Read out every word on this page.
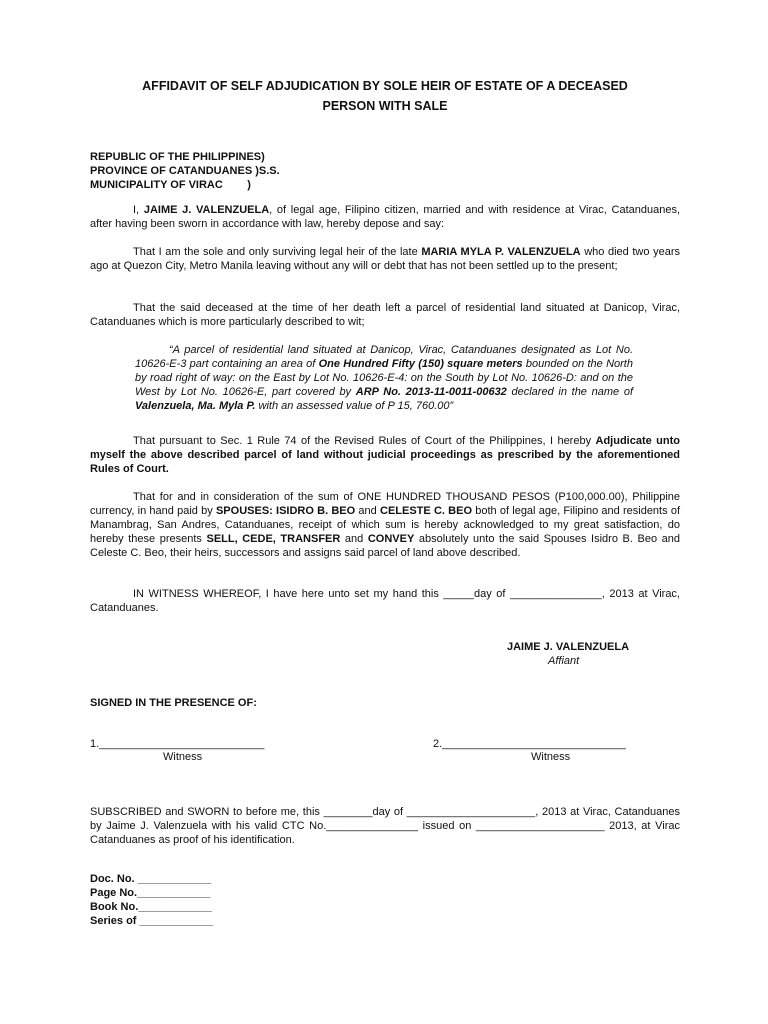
AFFIDAVIT OF SELF ADJUDICATION BY SOLE HEIR OF ESTATE OF A DECEASED
PERSON WITH SALE
REPUBLIC OF THE PHILIPPINES)
PROVINCE OF CATANDUANES )S.S.
MUNICIPALITY OF VIRAC        )

I, JAIME J. VALENZUELA, of legal age, Filipino citizen, married and with residence at Virac, Catanduanes, after having been sworn in accordance with law, hereby depose and say:

That I am the sole and only surviving legal heir of the late MARIA MYLA P. VALENZUELA who died two years ago at Quezon City, Metro Manila leaving without any will or debt that has not been settled up to the present;

That the said deceased at the time of her death left a parcel of residential land situated at Danicop, Virac, Catanduanes which is more particularly described to wit;

“A parcel of residential land situated at Danicop, Virac, Catanduanes designated as Lot No. 10626-E-3 part containing an area of One Hundred Fifty (150) square meters bounded on the North by road right of way: on the East by Lot No. 10626-E-4: on the South by Lot No. 10626-D: and on the West by Lot No. 10626-E, part covered by ARP No. 2013-11-0011-00632 declared in the name of Valenzuela, Ma. Myla P. with an assessed value of P 15, 760.00”

That pursuant to Sec. 1 Rule 74 of the Revised Rules of Court of the Philippines, I hereby Adjudicate unto myself the above described parcel of land without judicial proceedings as prescribed by the aforementioned Rules of Court.

That for and in consideration of the sum of ONE HUNDRED THOUSAND PESOS (P100,000.00), Philippine currency, in hand paid by SPOUSES: ISIDRO B. BEO and CELESTE C. BEO both of legal age, Filipino and residents of Manambrag, San Andres, Catanduanes, receipt of which sum is hereby acknowledged to my great satisfaction, do hereby these presents SELL, CEDE, TRANSFER and CONVEY absolutely unto the said Spouses Isidro B. Beo and Celeste C. Beo, their heirs, successors and assigns said parcel of land above described.

IN WITNESS WHEREOF, I have here unto set my hand this _____day of _______________, 2013 at Virac, Catanduanes.

JAIME J. VALENZUELA
Affiant
SIGNED IN THE PRESENCE OF:
1.___________________________
Witness
2.______________________________
Witness

SUBSCRIBED and SWORN to before me, this ________day of _____________________, 2013 at Virac, Catanduanes by Jaime J. Valenzuela with his valid CTC No._______________ issued on _____________________ 2013, at Virac Catanduanes as proof of his identification.

Doc. No. ____________
Page No.____________
Book No.____________
Series of ____________
